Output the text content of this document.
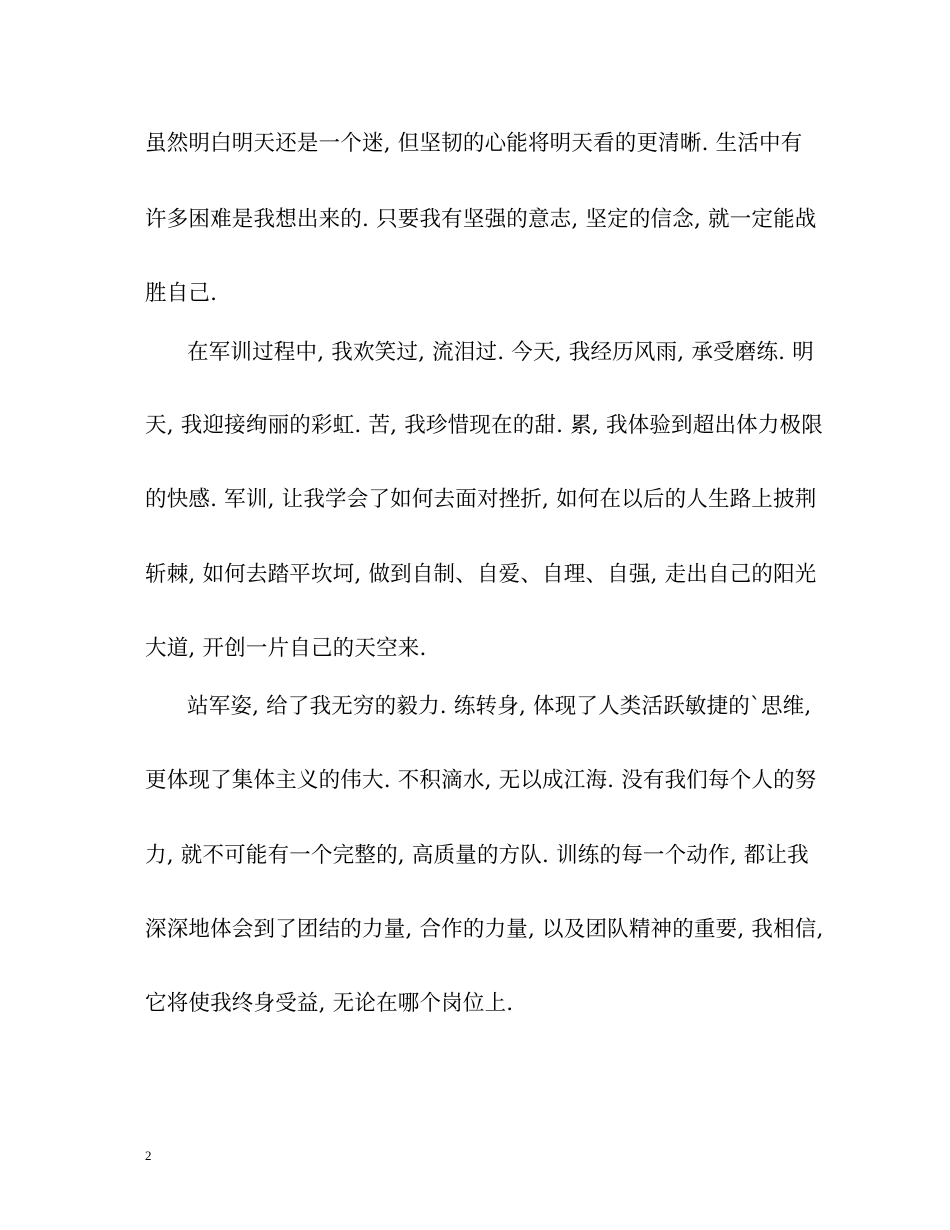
虽然明白明天还是一个迷, 但坚韧的心能将明天看的更清晰. 生活中有
许多困难是我想出来的. 只要我有坚强的意志, 坚定的信念, 就一定能战
胜自己.
在军训过程中, 我欢笑过, 流泪过. 今天, 我经历风雨, 承受磨练. 明
天, 我迎接绚丽的彩虹. 苦, 我珍惜现在的甜. 累, 我体验到超出体力极限
的快感. 军训, 让我学会了如何去面对挫折, 如何在以后的人生路上披荆
斩棘, 如何去踏平坎坷, 做到自制、自爱、自理、自强, 走出自己的阳光
大道, 开创一片自己的天空来.
站军姿, 给了我无穷的毅力. 练转身, 体现了人类活跃敏捷的`思维,
更体现了集体主义的伟大. 不积滴水, 无以成江海. 没有我们每个人的努
力, 就不可能有一个完整的, 高质量的方队. 训练的每一个动作, 都让我
深深地体会到了团结的力量, 合作的力量, 以及团队精神的重要, 我相信,
它将使我终身受益, 无论在哪个岗位上.
2
